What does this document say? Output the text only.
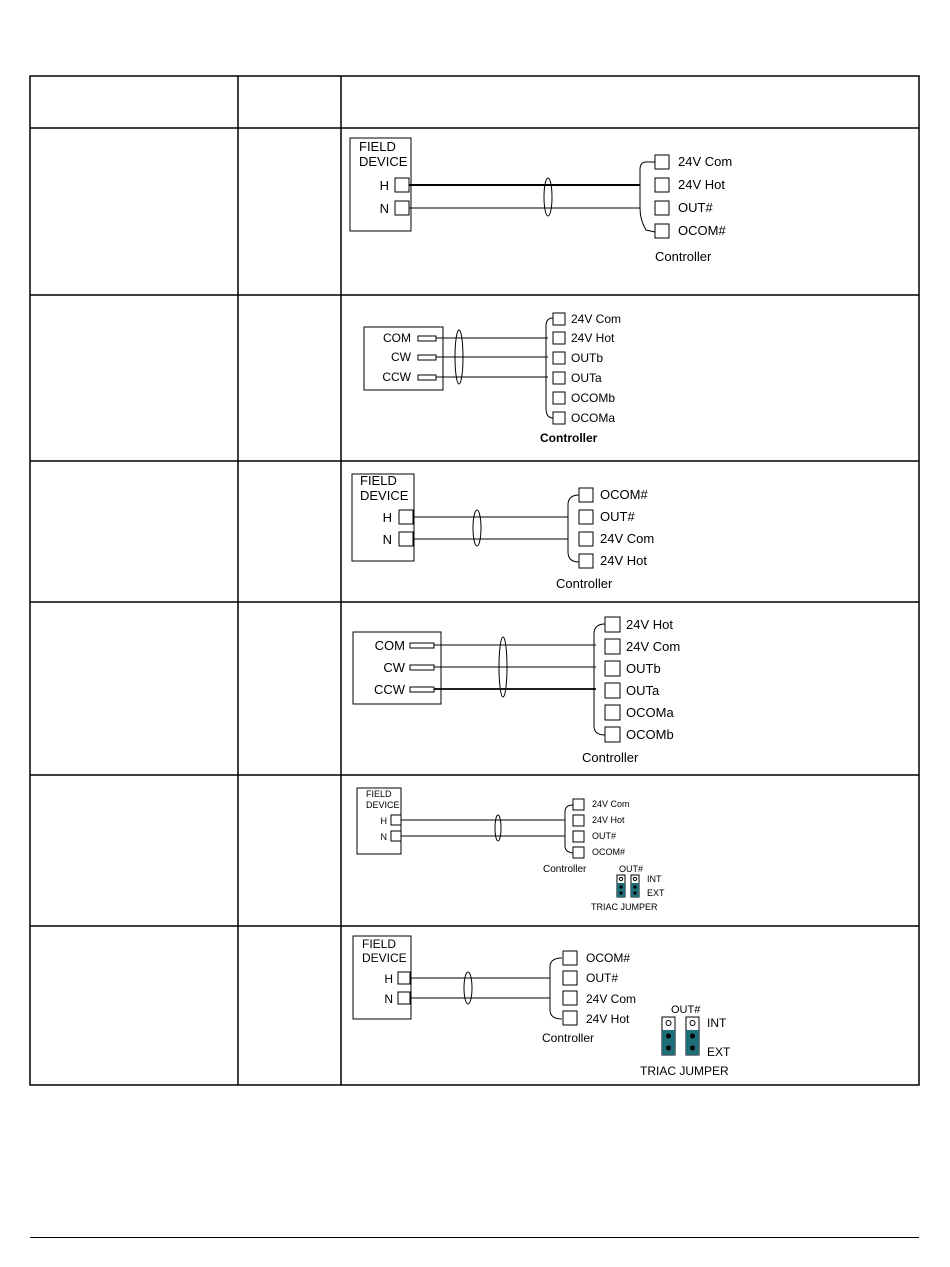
FIELD
DEVICE
H
N
24V Com
24V Hot
OUT#
OCOM#
Controller
COM
CW
CCW
24V Com
24V Hot
OUTb
OUTa
OCOMb
OCOMa
Controller
FIELD
DEVICE
H
N
OCOM#
OUT#
24V Com
24V Hot
Controller
COM
CW
CCW
24V Hot
24V Com
OUTb
OUTa
OCOMa
OCOMb
Controller
FIELD
DEVICE
H
N
24V Com
24V Hot
OUT#
OCOM#
Controller	OUT#
INT
EXT
TRIAC JUMPER
FIELD
DEVICE
H
N
OCOM#
OUT#
24V Com
24V Hot
Controller
OUT#
INT
EXT
TRIAC JUMPER
